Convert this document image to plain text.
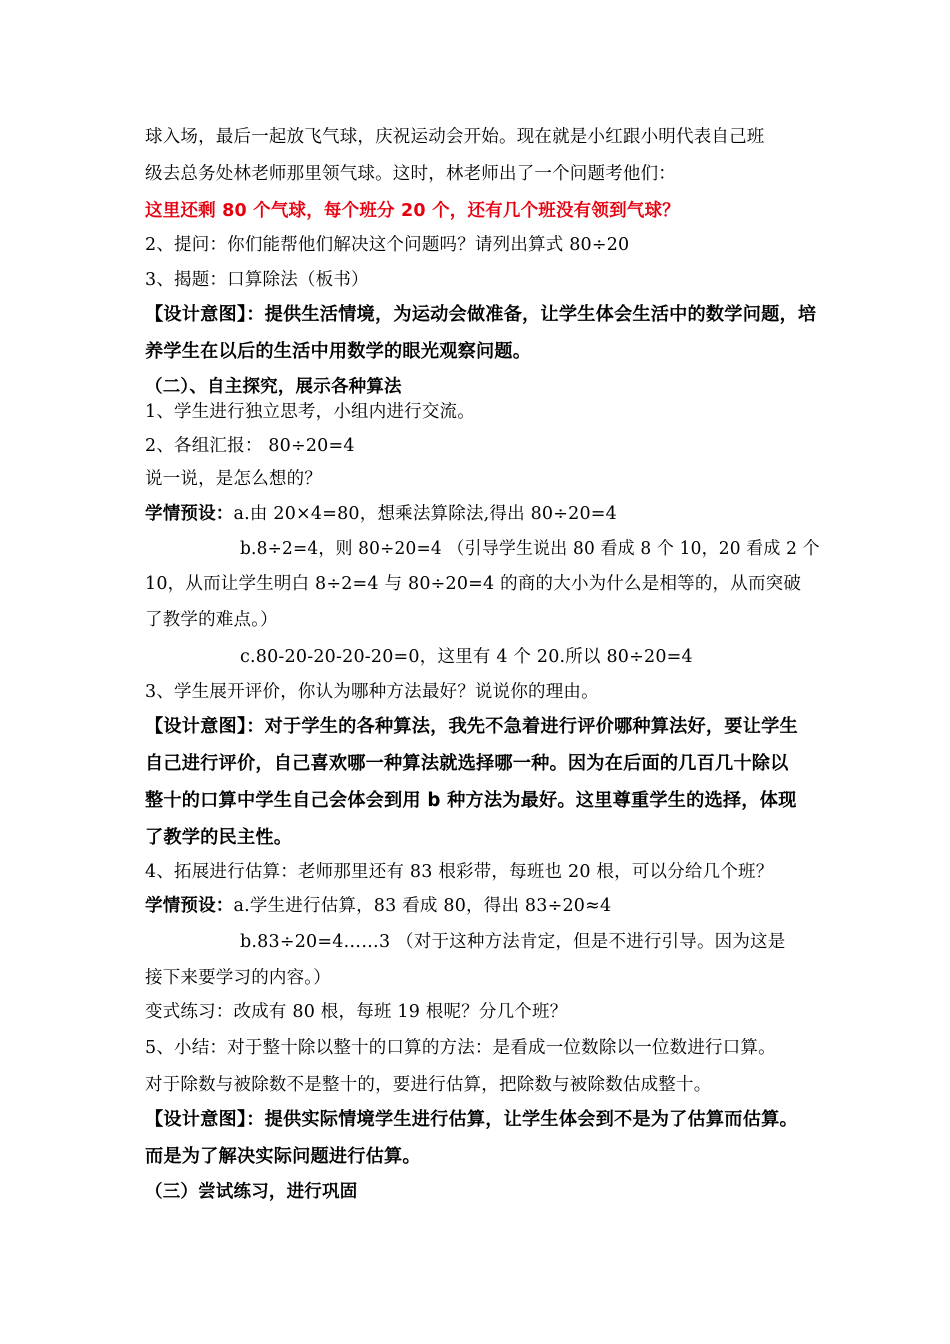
球入场，最后一起放飞气球，庆祝运动会开始。现在就是小红跟小明代表自己班
级去总务处林老师那里领气球。这时，林老师出了一个问题考他们：
这里还剩 80 个气球，每个班分 20 个，还有几个班没有领到气球？
2、提问：你们能帮他们解决这个问题吗？请列出算式 80÷20
3、揭题：口算除法（板书）
【设计意图】：提供生活情境，为运动会做准备，让学生体会生活中的数学问题，培
养学生在以后的生活中用数学的眼光观察问题。
（二）、自主探究，展示各种算法
1、学生进行独立思考，小组内进行交流。
2、各组汇报： 80÷20=4
说一说，是怎么想的？
学情预设：a.由 20×4=80，想乘法算除法,得出 80÷20=4
b.8÷2=4，则 80÷20=4 （引导学生说出 80 看成 8 个 10，20 看成 2 个
10，从而让学生明白 8÷2=4 与 80÷20=4 的商的大小为什么是相等的，从而突破
了教学的难点。）
c.80-20-20-20-20=0，这里有 4 个 20.所以 80÷20=4
3、学生展开评价，你认为哪种方法最好？说说你的理由。
【设计意图】：对于学生的各种算法，我先不急着进行评价哪种算法好，要让学生
自己进行评价，自己喜欢哪一种算法就选择哪一种。因为在后面的几百几十除以
整十的口算中学生自己会体会到用 b 种方法为最好。这里尊重学生的选择，体现
了教学的民主性。
4、拓展进行估算：老师那里还有 83 根彩带，每班也 20 根，可以分给几个班？
学情预设：a.学生进行估算，83 看成 80，得出 83÷20≈4
b.83÷20=4……3 （对于这种方法肯定，但是不进行引导。因为这是
接下来要学习的内容。）
变式练习：改成有 80 根，每班 19 根呢？分几个班？
5、小结：对于整十除以整十的口算的方法：是看成一位数除以一位数进行口算。
对于除数与被除数不是整十的，要进行估算，把除数与被除数估成整十。
【设计意图】：提供实际情境学生进行估算，让学生体会到不是为了估算而估算。
而是为了解决实际问题进行估算。
（三）尝试练习，进行巩固
